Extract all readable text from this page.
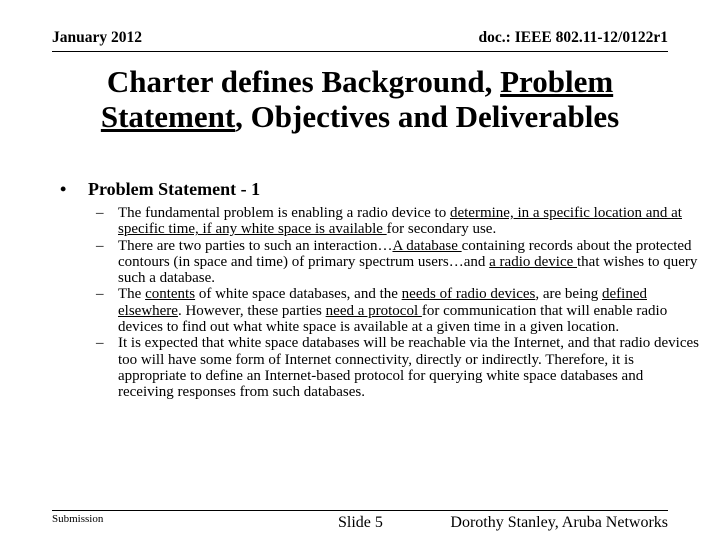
January 2012	doc.: IEEE 802.11-12/0122r1
Charter defines Background, Problem
Statement, Objectives and Deliverables
• Problem Statement - 1
– The fundamental problem is enabling a radio device to determine, in a specific location and at specific time, if any white space is available for secondary use.
– There are two parties to such an interaction…A database containing records about the protected contours (in space and time) of primary spectrum users…and a radio device that wishes to query such a database.
– The contents of white space databases, and the needs of radio devices, are being defined elsewhere. However, these parties need a protocol for communication that will enable radio devices to find out what white space is available at a given time in a given location.
– It is expected that white space databases will be reachable via the Internet, and that radio devices too will have some form of Internet connectivity, directly or indirectly. Therefore, it is appropriate to define an Internet-based protocol for querying white space databases and receiving responses from such databases.
Submission	Slide 5	Dorothy Stanley, Aruba Networks
